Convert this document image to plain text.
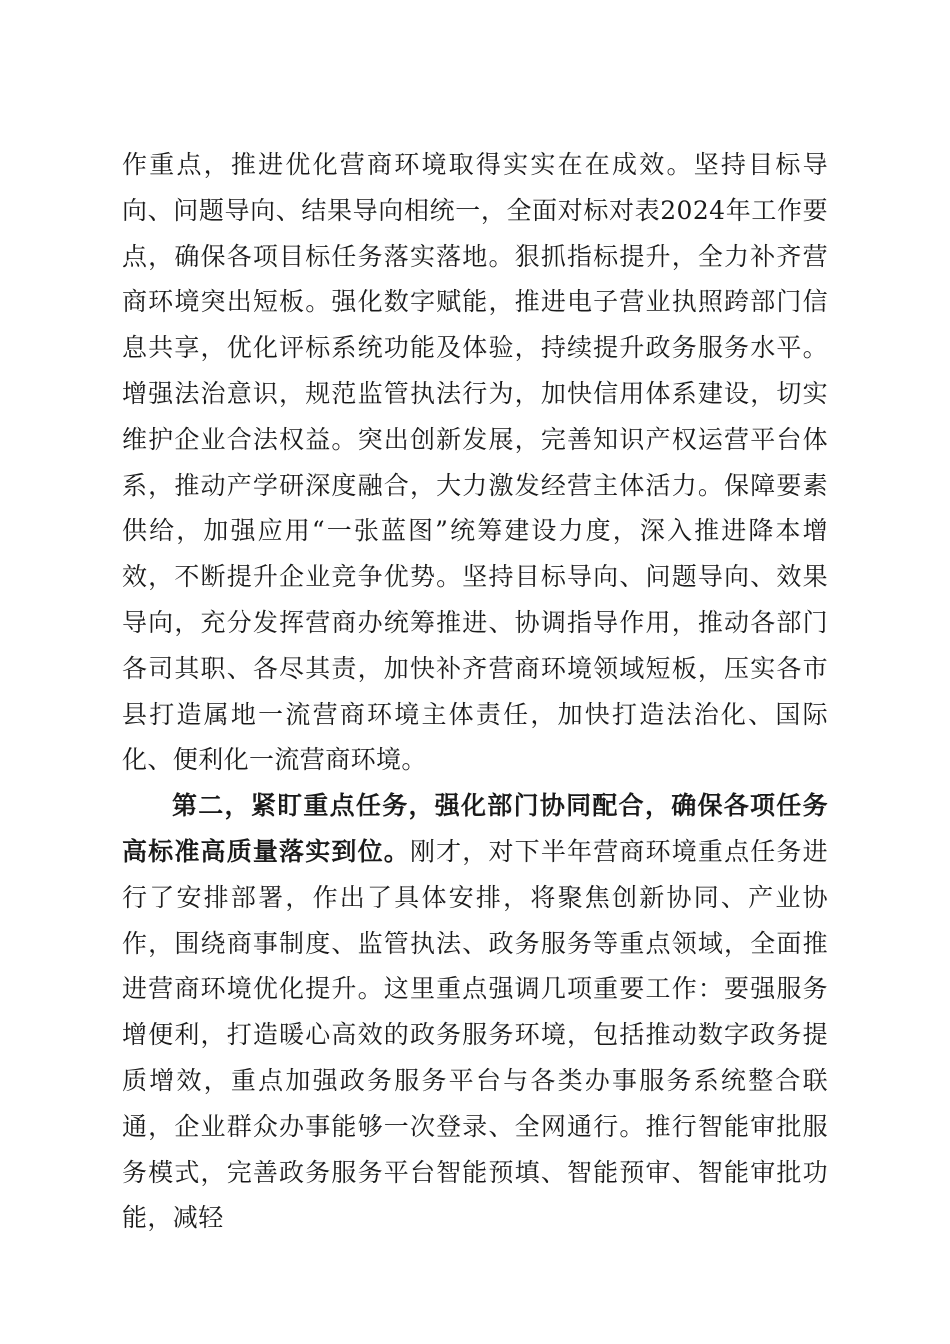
作重点，推进优化营商环境取得实实在在成效。坚持目标导向、问题导向、结果导向相统一，全面对标对表2024年工作要点，确保各项目标任务落实落地。狠抓指标提升，全力补齐营商环境突出短板。强化数字赋能，推进电子营业执照跨部门信息共享，优化评标系统功能及体验，持续提升政务服务水平。增强法治意识，规范监管执法行为，加快信用体系建设，切实维护企业合法权益。突出创新发展，完善知识产权运营平台体系，推动产学研深度融合，大力激发经营主体活力。保障要素供给，加强应用“一张蓝图”统筹建设力度，深入推进降本增效，不断提升企业竞争优势。坚持目标导向、问题导向、效果导向，充分发挥营商办统筹推进、协调指导作用，推动各部门各司其职、各尽其责，加快补齐营商环境领域短板，压实各市县打造属地一流营商环境主体责任，加快打造法治化、国际化、便利化一流营商环境。

第二，紧盯重点任务，强化部门协同配合，确保各项任务高标准高质量落实到位。刚才，对下半年营商环境重点任务进行了安排部署，作出了具体安排，将聚焦创新协同、产业协作，围绕商事制度、监管执法、政务服务等重点领域，全面推进营商环境优化提升。这里重点强调几项重要工作：要强服务增便利，打造暖心高效的政务服务环境，包括推动数字政务提质增效，重点加强政务服务平台与各类办事服务系统整合联通，企业群众办事能够一次登录、全网通行。推行智能审批服务模式，完善政务服务平台智能预填、智能预审、智能审批功能，减轻
